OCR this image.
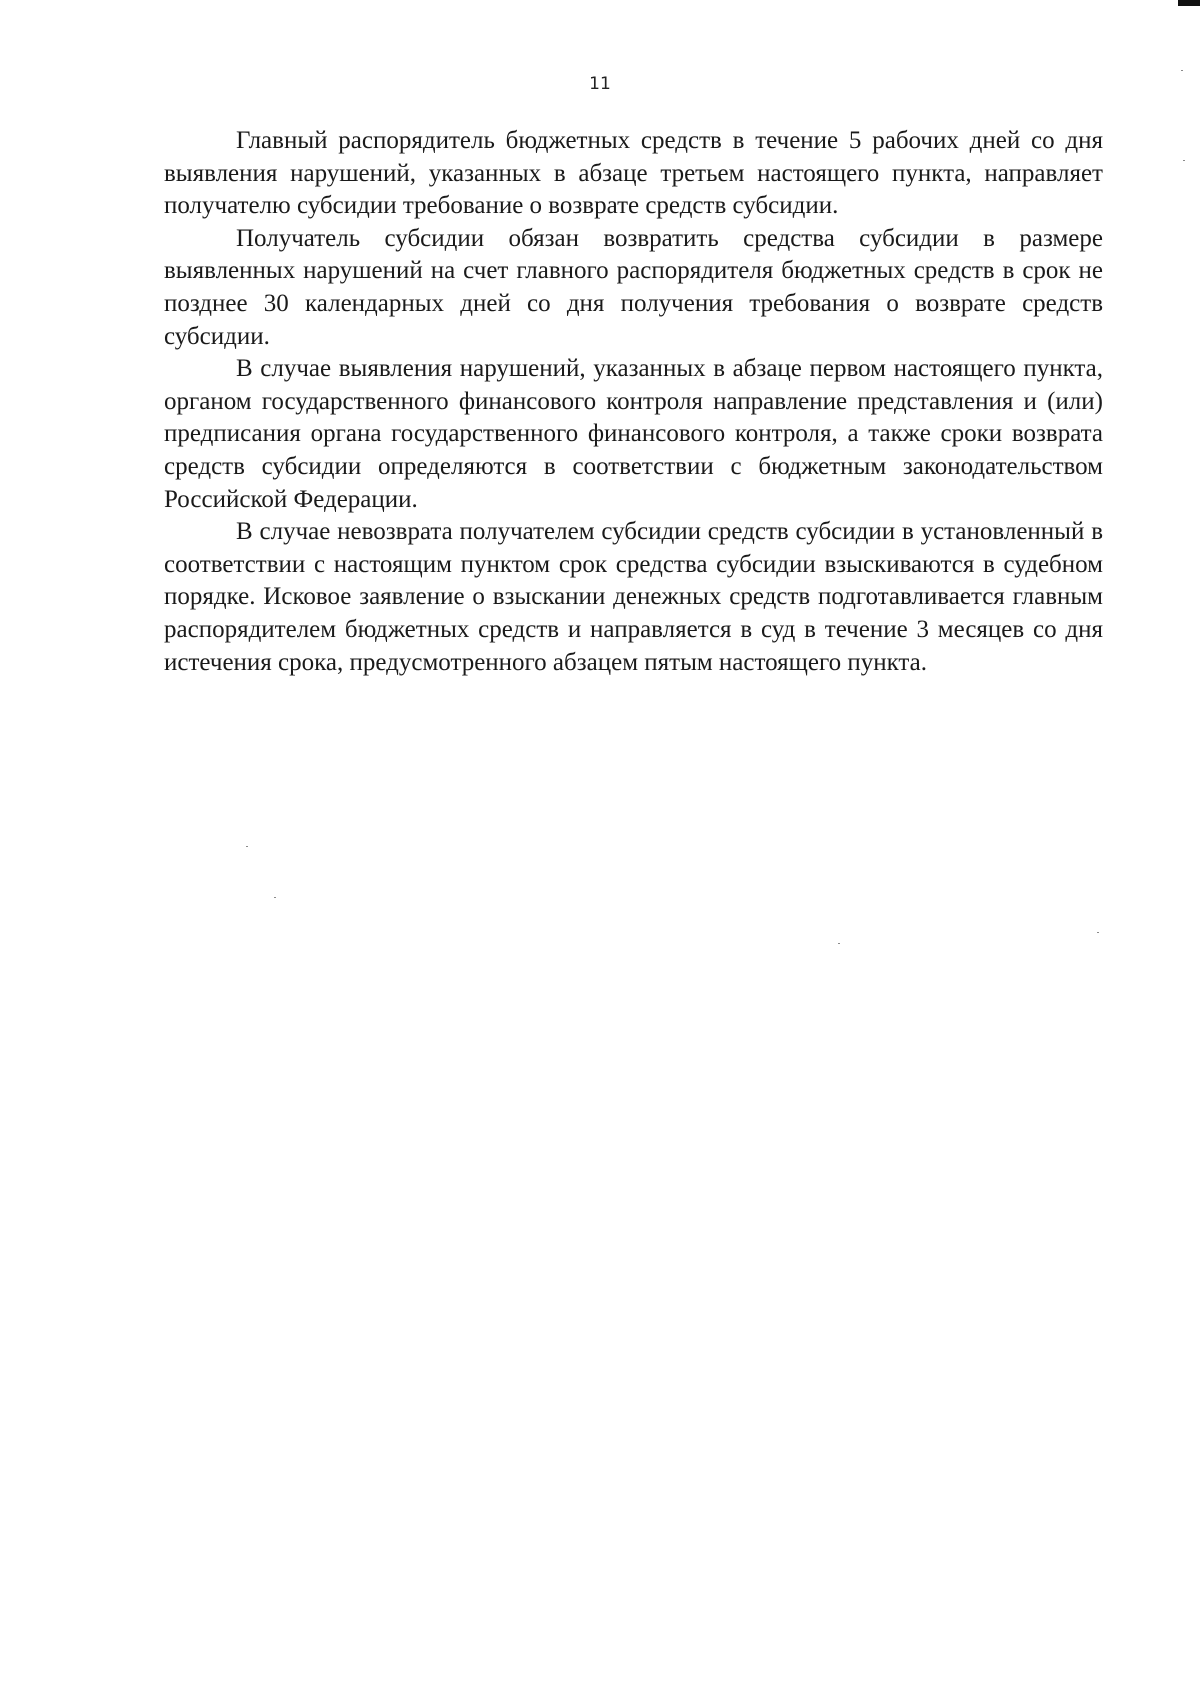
11

Главный распорядитель бюджетных средств в течение 5 рабочих дней со дня выявления нарушений, указанных в абзаце третьем настоящего пункта, направляет получателю субсидии требование о возврате средств субсидии.

Получатель субсидии обязан возвратить средства субсидии в размере выявленных нарушений на счет главного распорядителя бюджетных средств в срок не позднее 30 календарных дней со дня получения требования о возврате средств субсидии.

В случае выявления нарушений, указанных в абзаце первом настоящего пункта, органом государственного финансового контроля направление представления и (или) предписания органа государственного финансового контроля, а также сроки возврата средств субсидии определяются в соответствии с бюджетным законодательством Российской Федерации.

В случае невозврата получателем субсидии средств субсидии в установленный в соответствии с настоящим пунктом срок средства субсидии взыскиваются в судебном порядке. Исковое заявление о взыскании денежных средств подготавливается главным распорядителем бюджетных средств и направляется в суд в течение 3 месяцев со дня истечения срока, предусмотренного абзацем пятым настоящего пункта.
